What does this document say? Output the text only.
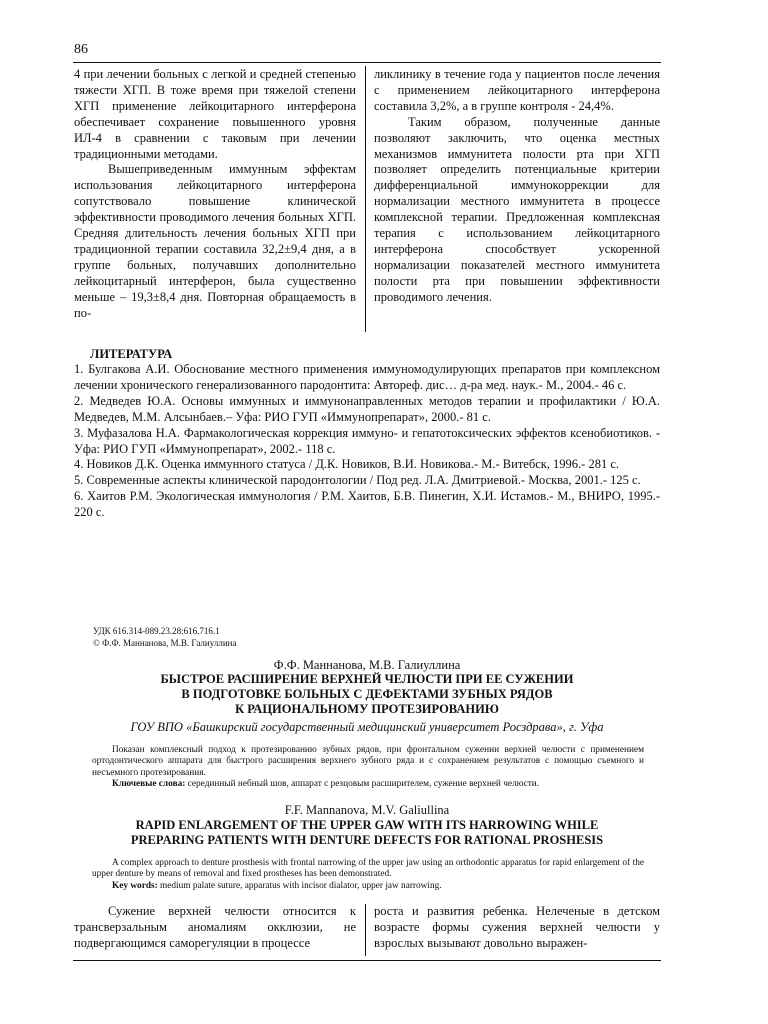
86

4 при лечении больных с легкой и средней степенью тяжести ХГП. В тоже время при тяжелой степени ХГП применение лейкоцитарного интерферона обеспечивает сохранение повышенного уровня ИЛ-4 в сравнении с таковым при лечении традиционными методами.

Вышеприведенным иммунным эффектам использования лейкоцитарного интерферона сопутствовало повышение клинической эффективности проводимого лечения больных ХГП. Средняя длительность лечения больных ХГП при традиционной терапии составила 32,2±9,4 дня, а в группе больных, получавших дополнительно лейкоцитарный интерферон, была существенно меньше – 19,3±8,4 дня. Повторная обращаемость в по-

ликлинику в течение года у пациентов после лечения с применением лейкоцитарного интерферона составила 3,2%, а в группе контроля - 24,4%.

Таким образом, полученные данные позволяют заключить, что оценка местных механизмов иммунитета полости рта при ХГП позволяет определить потенциальные критерии дифференциальной иммунокоррекции для нормализации местного иммунитета в процессе комплексной терапии. Предложенная комплексная терапия с использованием лейкоцитарного интерферона способствует ускоренной нормализации показателей местного иммунитета полости рта при повышении эффективности проводимого лечения.

ЛИТЕРАТУРА
1. Булгакова А.И. Обоснование местного применения иммуномодулирующих препаратов при комплексном лечении хронического генерализованного пародонтита: Автореф. дис… д-ра мед. наук.- М., 2004.- 46 с.
2. Медведев Ю.А. Основы иммунных и иммунонаправленных методов терапии и профилактики / Ю.А. Медведев, М.М. Алсынбаев.– Уфа: РИО ГУП «Иммунопрепарат», 2000.- 81 с.
3. Муфазалова Н.А. Фармакологическая коррекция иммуно- и гепатотоксических эффектов ксенобиотиков. - Уфа: РИО ГУП «Иммунопрепарат», 2002.- 118 с.
4. Новиков Д.К. Оценка иммунного статуса / Д.К. Новиков, В.И. Новикова.- М.- Витебск, 1996.- 281 с.
5. Современные аспекты клинической пародонтологии / Под ред. Л.А. Дмитриевой.- Москва, 2001.- 125 с.
6. Хаитов Р.М. Экологическая иммунология / Р.М. Хаитов, Б.В. Пинегин, Х.И. Истамов.- М., ВНИРО, 1995.- 220 с.
УДК 616.314-089.23.28:616.716.1
© Ф.Ф. Маннанова, М.В. Галиуллина
Ф.Ф. Маннанова, М.В. Галиуллина
БЫСТРОЕ РАСШИРЕНИЕ ВЕРХНЕЙ ЧЕЛЮСТИ ПРИ ЕЕ СУЖЕНИИ
В ПОДГОТОВКЕ БОЛЬНЫХ С ДЕФЕКТАМИ ЗУБНЫХ РЯДОВ
К РАЦИОНАЛЬНОМУ ПРОТЕЗИРОВАНИЮ
ГОУ ВПО «Башкирский государственный медицинский университет Росздрава», г. Уфа

Показан комплексный подход к протезированию зубных рядов, при фронтальном сужении верхней челюсти с применением ортодонтического аппарата для быстрого расширения верхнего зубного ряда и с сохранением результатов с помощью съемного и несъемного протезирования.

Ключевые слова: серединный небный шов, аппарат с резцовым расширителем, сужение верхней челюсти.

F.F. Mannanova, M.V. Galiullina
RAPID ENLARGEMENT OF THE UPPER GAW WITH ITS HARROWING WHILE
PREPARING PATIENTS WITH DENTURE DEFECTS FOR RATIONAL PROSHESIS

A complex approach to denture prosthesis with frontal narrowing of the upper jaw using an orthodontic apparatus for rapid enlargement of the upper denture by means of removal and fixed prostheses has been demonstrated.

Key words: medium palate suture, apparatus with incisor dialator, upper jaw narrowing.

Сужение верхней челюсти относится к трансверзальным аномалиям окклюзии, не подвергающимся саморегуляции в процессе

роста и развития ребенка. Нелеченые в детском возрасте формы сужения верхней челюсти у взрослых вызывают довольно выражен-
